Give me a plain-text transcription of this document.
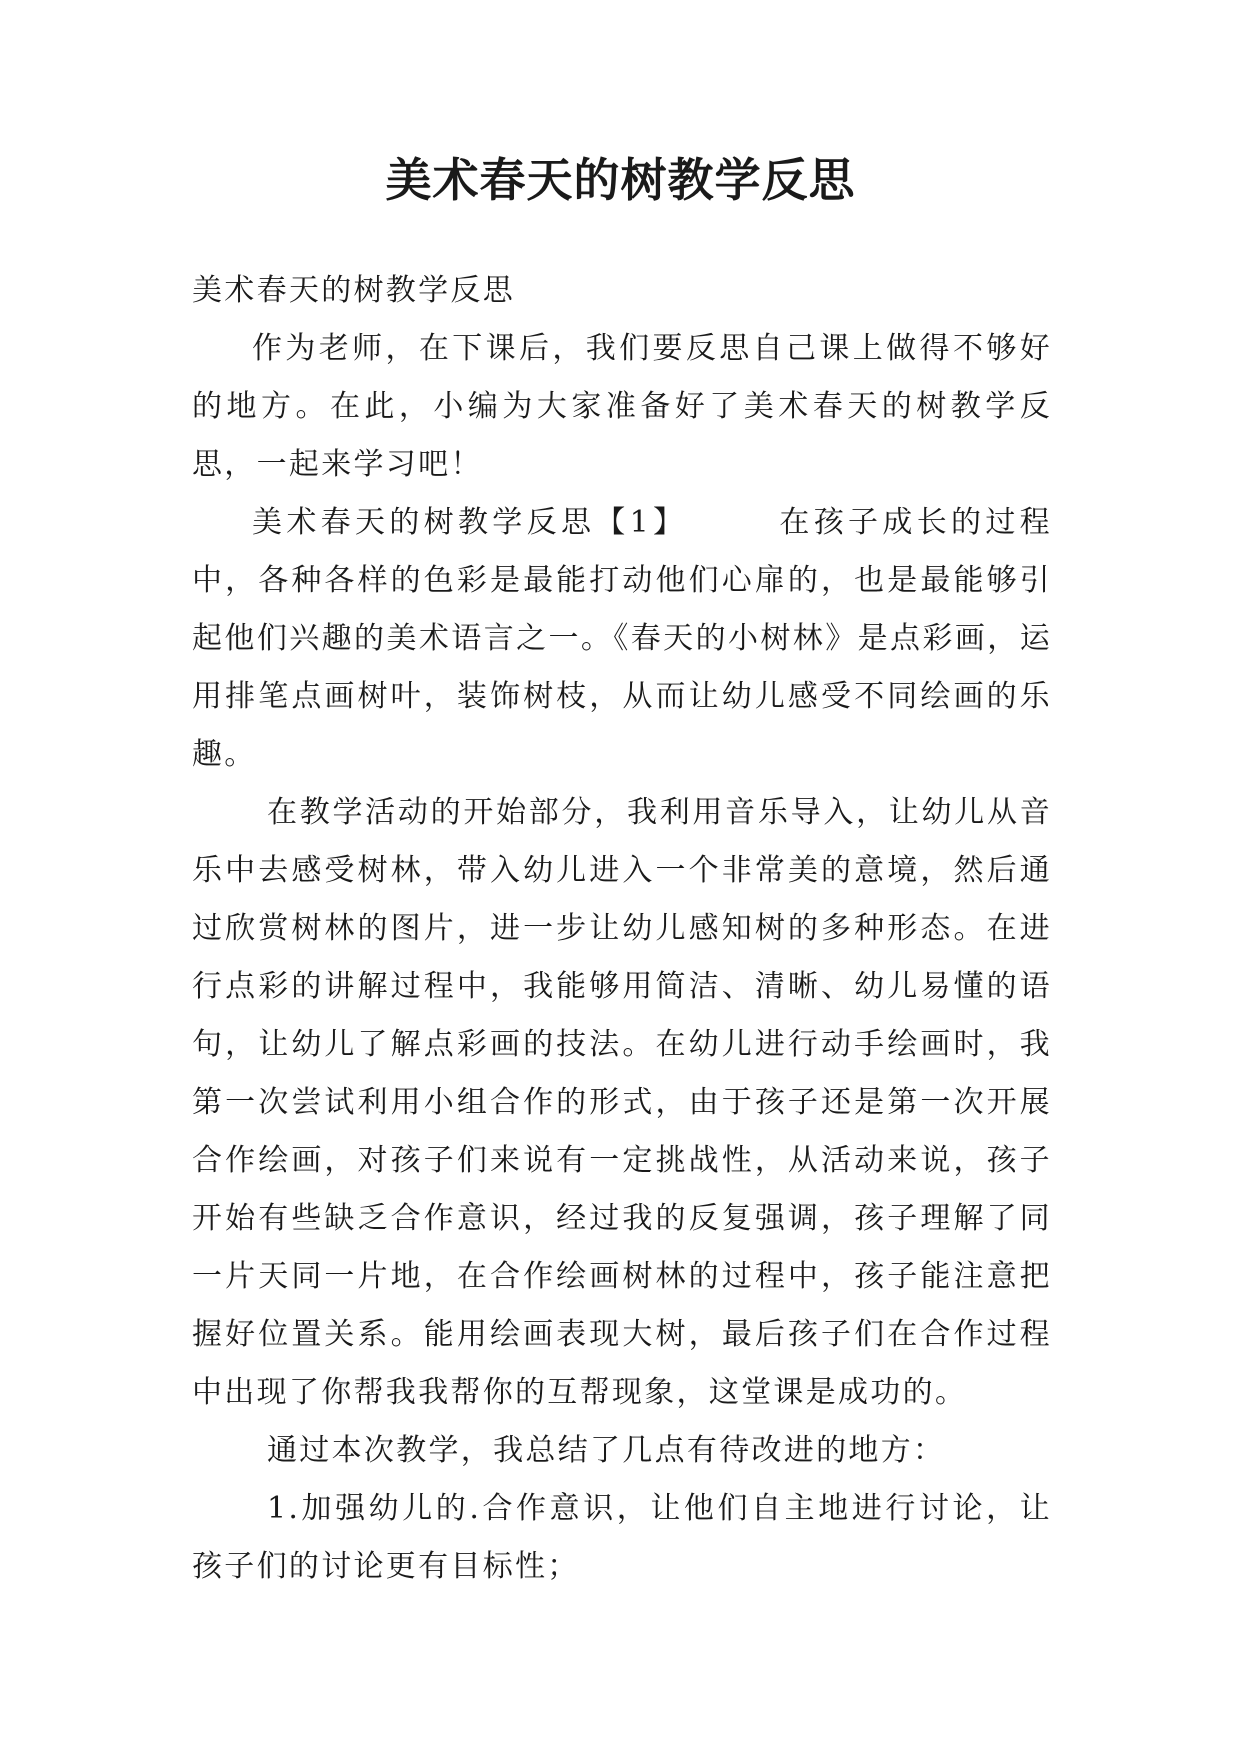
美术春天的树教学反思

美术春天的树教学反思

作为老师，在下课后，我们要反思自己课上做得不够好的地方。在此，小编为大家准备好了美术春天的树教学反思，一起来学习吧！

美术春天的树教学反思【1】	在孩子成长的过程中，各种各样的色彩是最能打动他们心扉的，也是最能够引起他们兴趣的美术语言之一。《春天的小树林》是点彩画，运用排笔点画树叶，装饰树枝，从而让幼儿感受不同绘画的乐趣。

在教学活动的开始部分，我利用音乐导入，让幼儿从音乐中去感受树林，带入幼儿进入一个非常美的意境，然后通过欣赏树林的图片，进一步让幼儿感知树的多种形态。在进行点彩的讲解过程中，我能够用简洁、清晰、幼儿易懂的语句，让幼儿了解点彩画的技法。在幼儿进行动手绘画时，我第一次尝试利用小组合作的形式，由于孩子还是第一次开展合作绘画，对孩子们来说有一定挑战性，从活动来说，孩子开始有些缺乏合作意识，经过我的反复强调，孩子理解了同一片天同一片地，在合作绘画树林的过程中，孩子能注意把握好位置关系。能用绘画表现大树，最后孩子们在合作过程中出现了你帮我我帮你的互帮现象，这堂课是成功的。

通过本次教学，我总结了几点有待改进的地方：

1.加强幼儿的.合作意识，让他们自主地进行讨论，让孩子们的讨论更有目标性；
